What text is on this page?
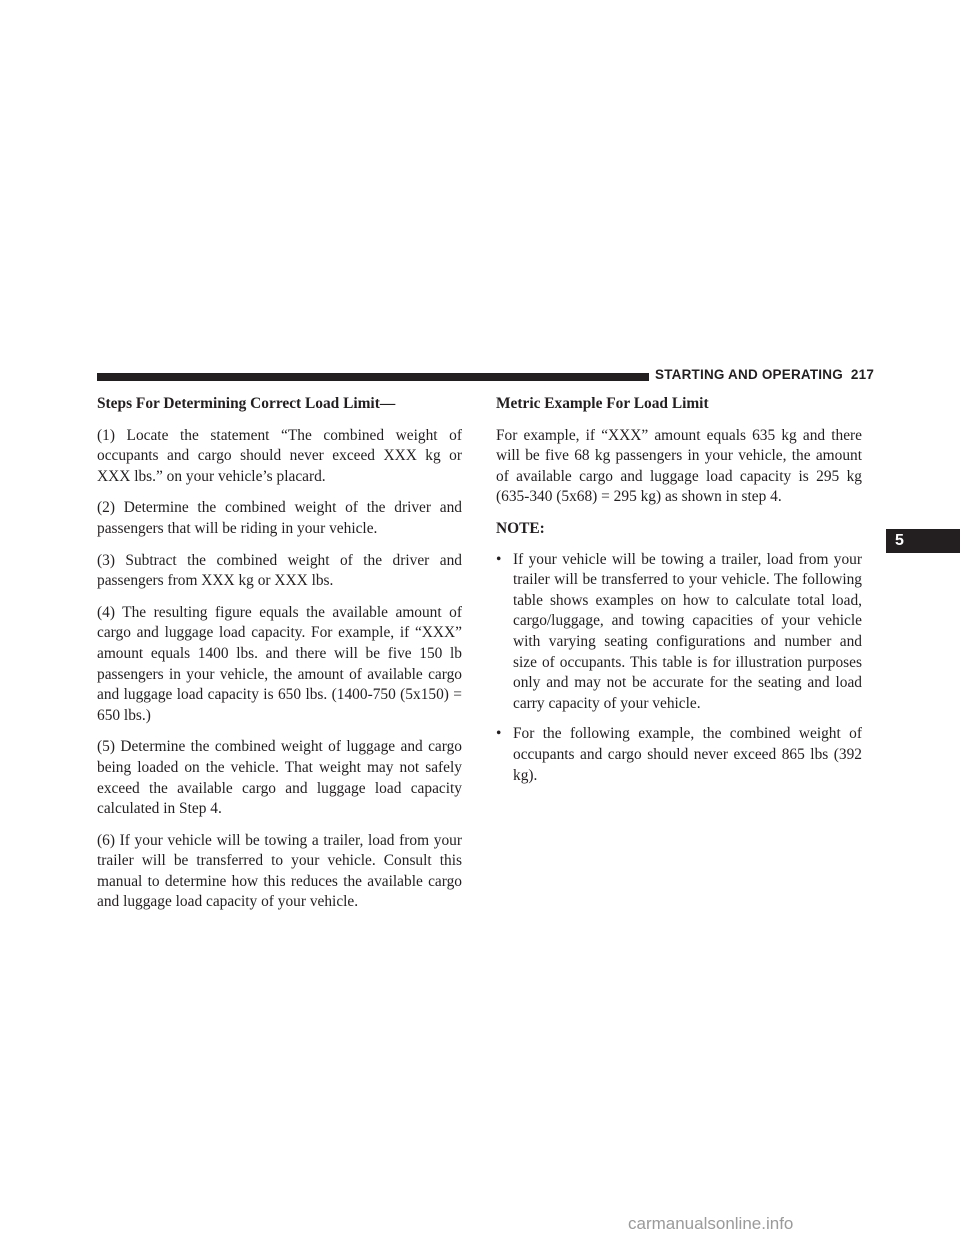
STARTING AND OPERATING 217
5
Steps For Determining Correct Load Limit—

(1) Locate the statement “The combined weight of occupants and cargo should never exceed XXX kg or XXX lbs.” on your vehicle’s placard.

(2) Determine the combined weight of the driver and passengers that will be riding in your vehicle.

(3) Subtract the combined weight of the driver and passengers from XXX kg or XXX lbs.

(4) The resulting figure equals the available amount of cargo and luggage load capacity. For example, if “XXX” amount equals 1400 lbs. and there will be five 150 lb passengers in your vehicle, the amount of available cargo and luggage load capacity is 650 lbs. (1400-750 (5x150) = 650 lbs.)

(5) Determine the combined weight of luggage and cargo being loaded on the vehicle. That weight may not safely exceed the available cargo and luggage load capacity calculated in Step 4.

(6) If your vehicle will be towing a trailer, load from your trailer will be transferred to your vehicle. Consult this manual to determine how this reduces the available cargo and luggage load capacity of your vehicle.

Metric Example For Load Limit

For example, if “XXX” amount equals 635 kg and there will be five 68 kg passengers in your vehicle, the amount of available cargo and luggage load capacity is 295 kg (635-340 (5x68) = 295 kg) as shown in step 4.

NOTE:

• If your vehicle will be towing a trailer, load from your trailer will be transferred to your vehicle. The following table shows examples on how to calculate total load, cargo/luggage, and towing capacities of your vehicle with varying seating configurations and number and size of occupants. This table is for illustration purposes only and may not be accurate for the seating and load carry capacity of your vehicle.
• For the following example, the combined weight of occupants and cargo should never exceed 865 lbs (392 kg).
carmanualsonline.info
